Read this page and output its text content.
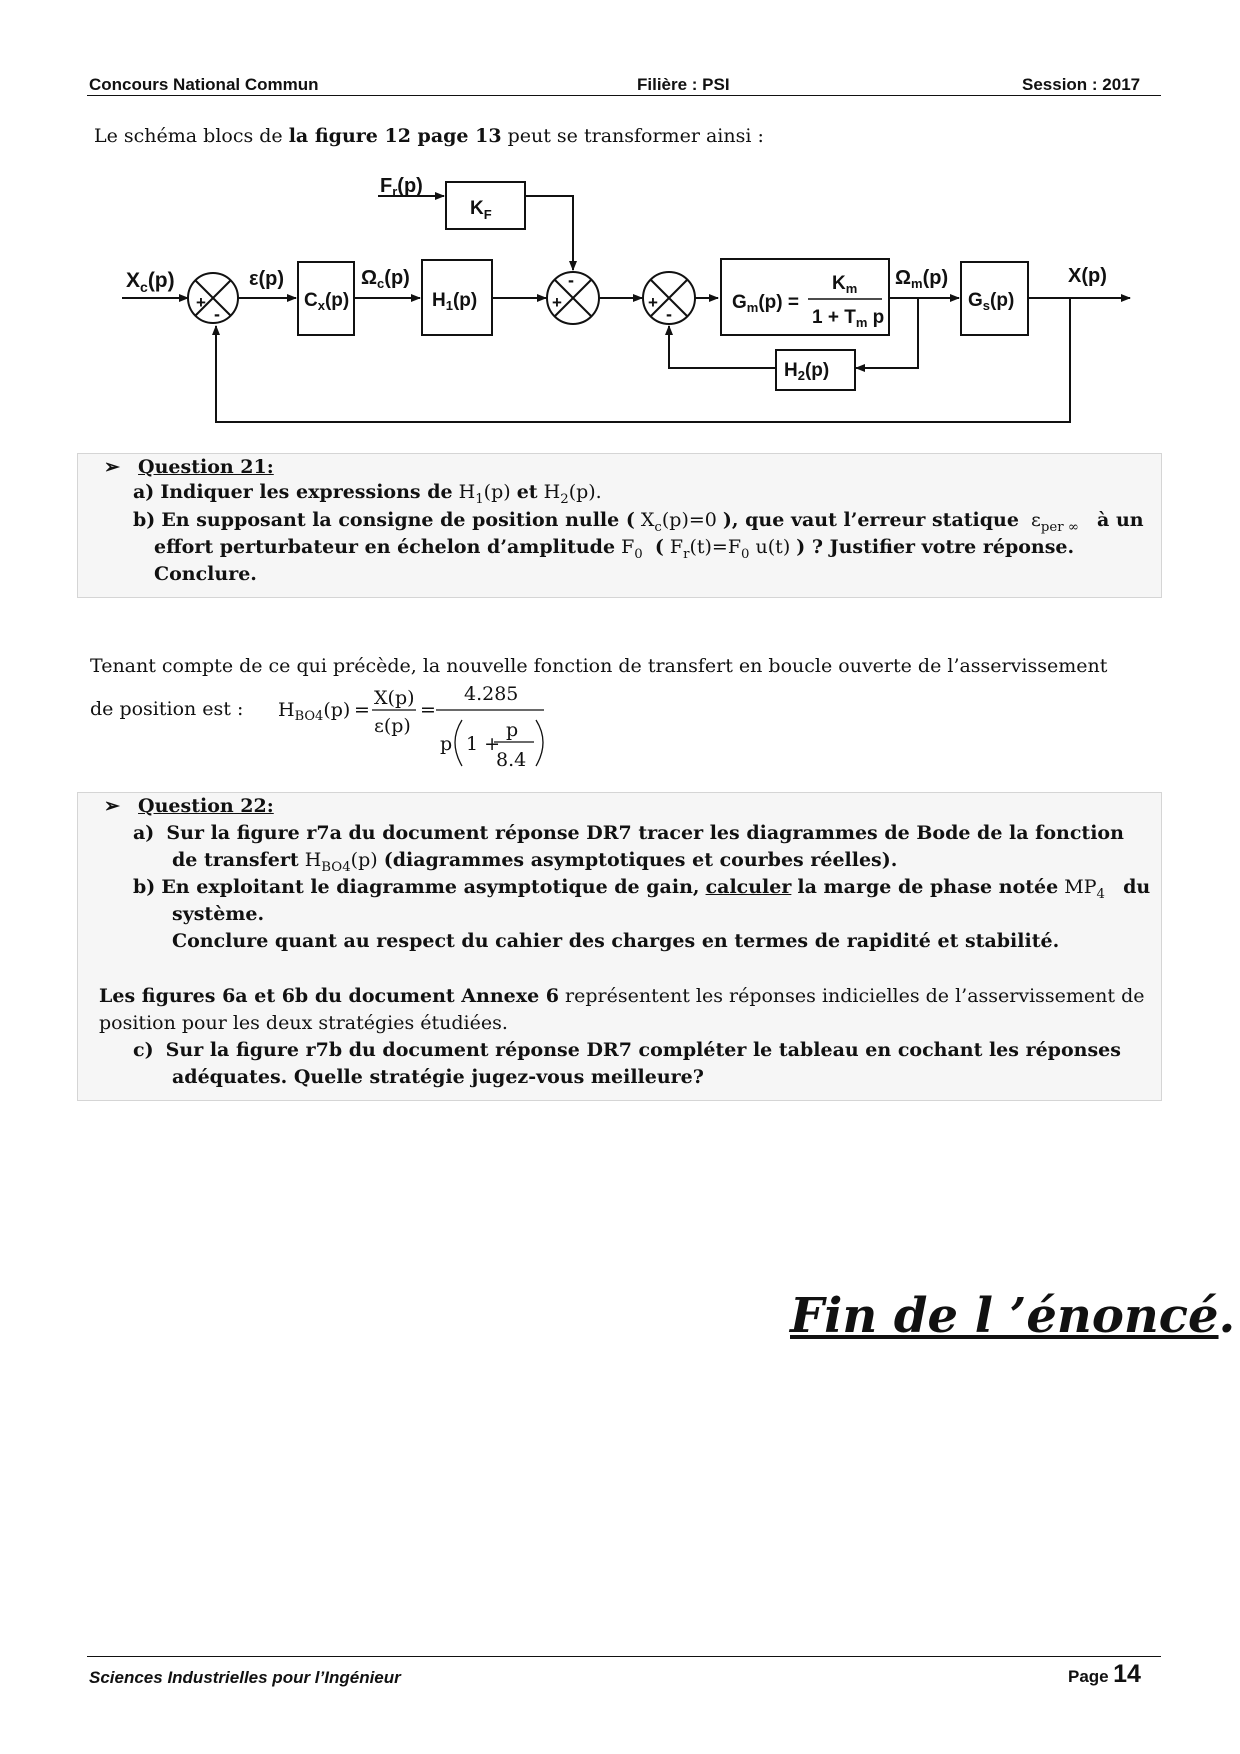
Concours National Commun	Filière : PSI	Session : 2017
Le schéma blocs de la figure 12 page 13 peut se transformer ainsi :
$X_c(p)$
+
-
ε(p)
$C_x(p)$
$\Omega_c(p)$
$H_1(p)$
$F_r(p)$
$K_F$
+
-
+
-
$G_m(p)$ =
$K_m$
$1 + T_m$ p
$\Omega_m(p)$
$G_s(p)$
X(p)
$H_2(p)$
➢ Question 21:
a) Indiquer les expressions de $H_1(p)$ et $H_2(p)$.
b) En supposant la consigne de position nulle ( $X_c(p)=0$ ), que vaut l’erreur statique $\varepsilon_{per \infty}$ à un
effort perturbateur en échelon d’amplitude $F_0$ ( $F_r(t)=F_0$ u(t) ) ? Justifier votre réponse.
Conclure.
Tenant compte de ce qui précède, la nouvelle fonction de transfert en boucle ouverte de l’asservissement
de position est : $H_{BO4}(p)$ =
X(p)
ε(p)
=
4.285
p 1 +
p
8.4
➢ Question 22:
a) Sur la figure r7a du document réponse DR7 tracer les diagrammes de Bode de la fonction
de transfert $H_{BO4}(p)$ (diagrammes asymptotiques et courbes réelles).
b) En exploitant le diagramme asymptotique de gain, calculer la marge de phase notée $MP_4$ du
système.
Conclure quant au respect du cahier des charges en termes de rapidité et stabilité.
Les figures 6a et 6b du document Annexe 6 représentent les réponses indicielles de l’asservissement de
position pour les deux stratégies étudiées.
c) Sur la figure r7b du document réponse DR7 compléter le tableau en cochant les réponses
adéquates. Quelle stratégie jugez-vous meilleure?
Fin de l ’énoncé.
Sciences Industrielles pour l’Ingénieur	Page 14
